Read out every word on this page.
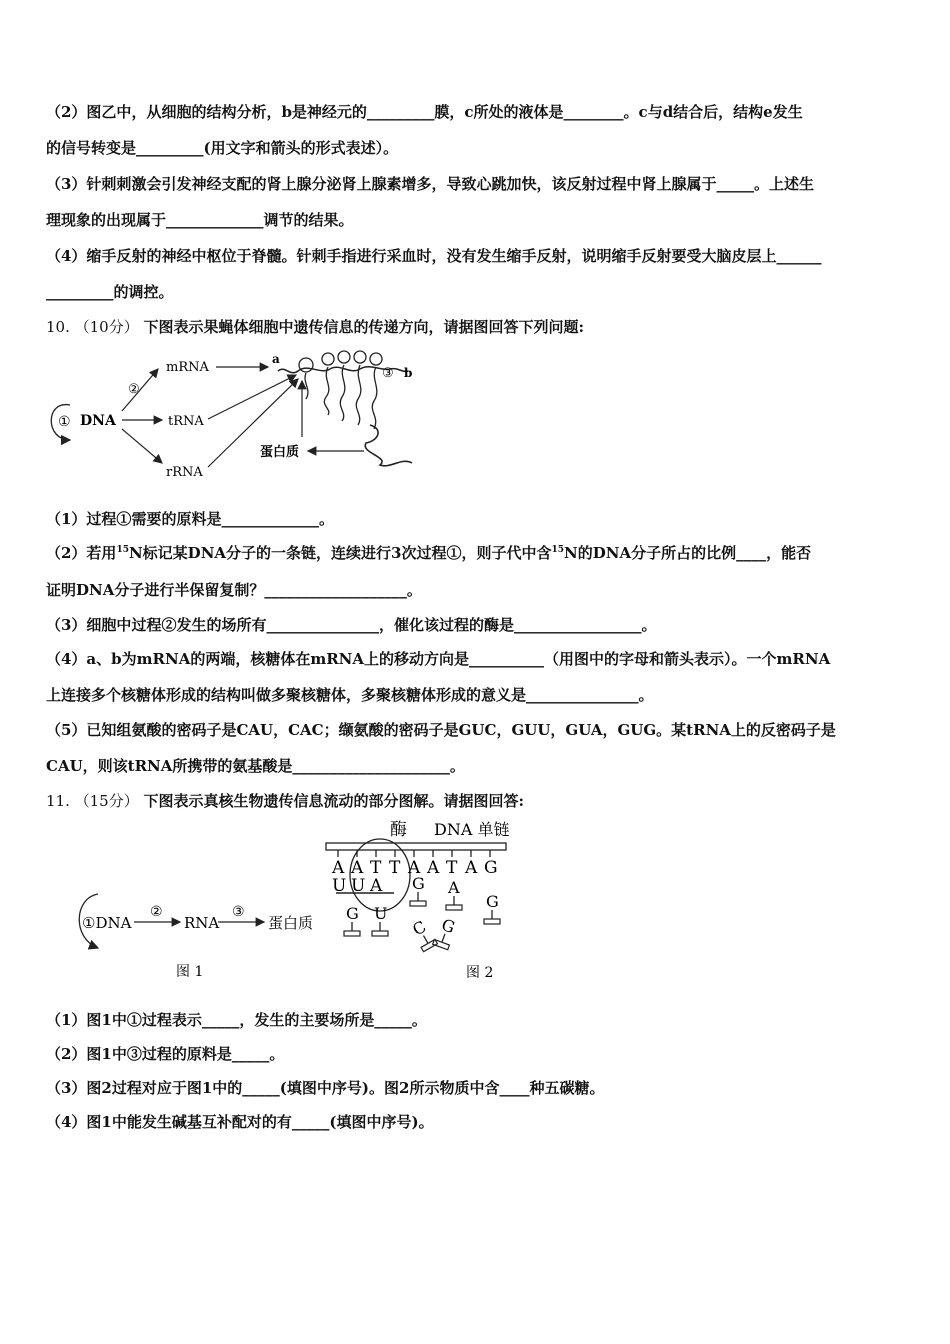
（2）图乙中，从细胞的结构分析，b是神经元的_________膜，c所处的液体是________。c与d结合后，结构e发生
的信号转变是_________(用文字和箭头的形式表述）。
（3）针刺刺激会引发神经支配的肾上腺分泌肾上腺素增多，导致心跳加快，该反射过程中肾上腺属于_____。上述生
理现象的出现属于_____________调节的结果。
（4）缩手反射的神经中枢位于脊髓。针刺手指进行采血时，没有发生缩手反射，说明缩手反射要受大脑皮层上______
_________的调控。
10. （10分） 下图表示果蝇体细胞中遗传信息的传递方向，请据图回答下列问题:
① DNA
②
mRNA
tRNA
rRNA
a
③ b
蛋白质
（1）过程①需要的原料是_____________。
（2）若用$^{15}$N标记某DNA分子的一条链，连续进行3次过程①，则子代中含$^{15}$N的DNA分子所占的比例____，能否
证明DNA分子进行半保留复制？___________________。
（3）细胞中过程②发生的场所有_______________，催化该过程的酶是_________________。
（4）a、b为mRNA的两端，核糖体在mRNA上的移动方向是__________（用图中的字母和箭头表示）。一个mRNA
上连接多个核糖体形成的结构叫做多聚核糖体，多聚核糖体形成的意义是_______________。
（5）已知组氨酸的密码子是CAU，CAC；缬氨酸的密码子是GUC，GUU，GUA，GUG。某tRNA上的反密码子是
CAU，则该tRNA所携带的氨基酸是_____________________。
11. （15分） 下图表示真核生物遗传信息流动的部分图解。请据图回答:
①DNA
②
RNA
③
蛋白质
图 1
酶 DNA 单链
A A T T A A T A G
U U A G A
G
U
G
C G
图 2
（1）图1中①过程表示_____，发生的主要场所是_____。
（2）图1中③过程的原料是_____。
（3）图2过程对应于图1中的_____(填图中序号)。图2所示物质中含____种五碳糖。
（4）图1中能发生碱基互补配对的有_____(填图中序号)。
